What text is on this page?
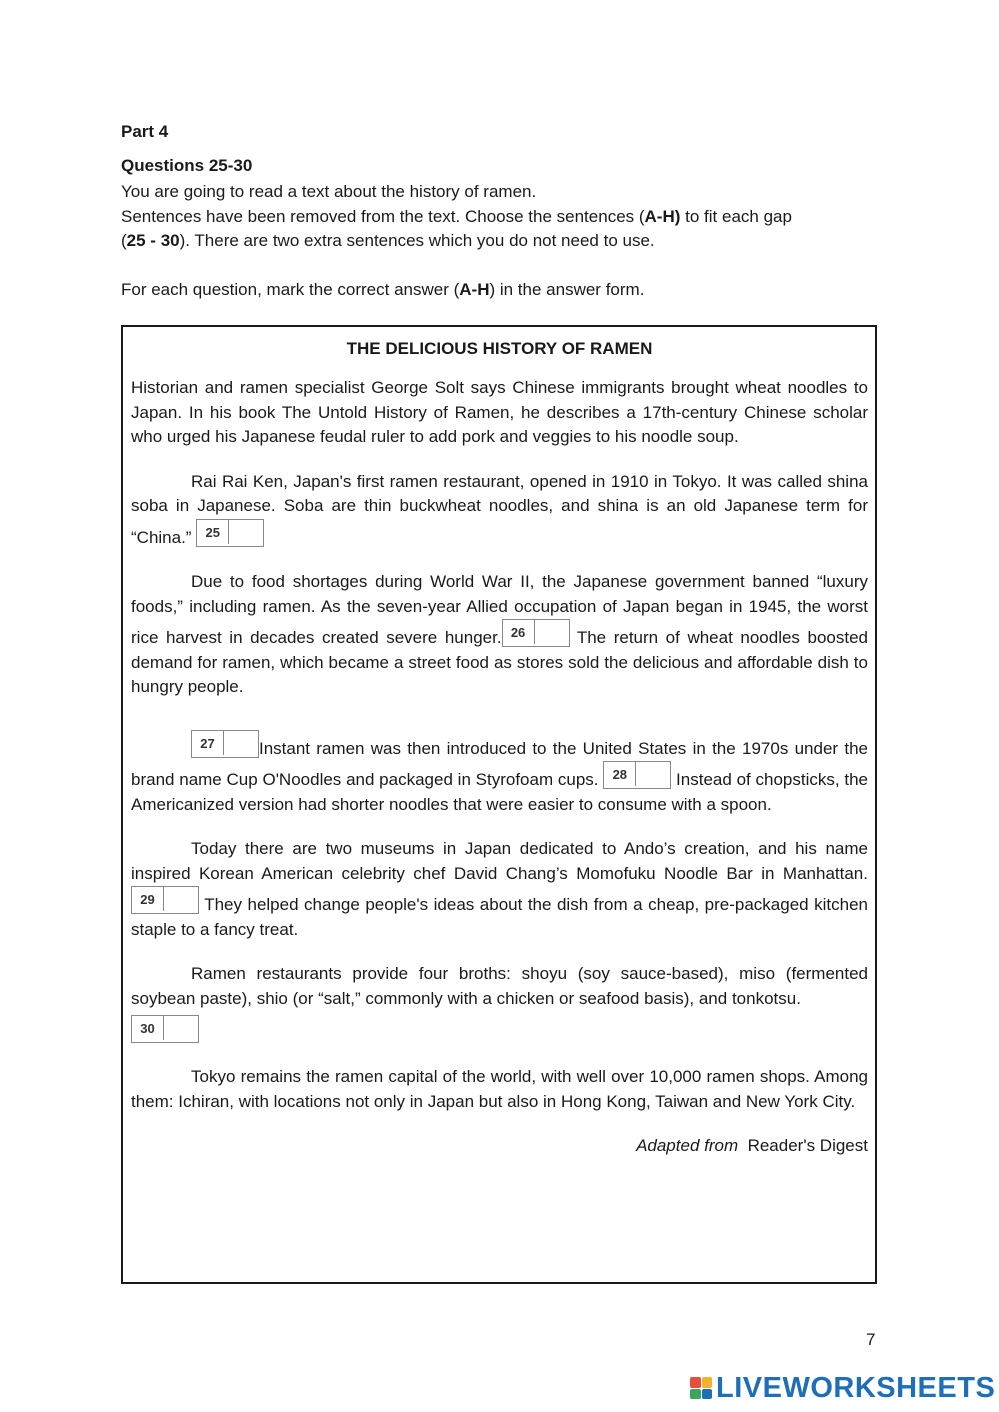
Part 4
Questions 25-30

You are going to read a text about the history of ramen.

Sentences have been removed from the text. Choose the sentences (A-H) to fit each gap

(25 - 30). There are two extra sentences which you do not need to use.

For each question, mark the correct answer (A-H) in the answer form.

THE DELICIOUS HISTORY OF RAMEN

Historian and ramen specialist George Solt says Chinese immigrants brought wheat noodles to Japan. In his book The Untold History of Ramen, he describes a 17th-century Chinese scholar who urged his Japanese feudal ruler to add pork and veggies to his noodle soup.

Rai Rai Ken, Japan's first ramen restaurant, opened in 1910 in Tokyo. It was called shina soba in Japanese. Soba are thin buckwheat noodles, and shina is an old Japanese term for “China.”	25

Due to food shortages during World War II, the Japanese government banned “luxury foods,” including ramen. As the seven-year Allied occupation of Japan began in 1945, the worst rice harvest in decades created severe hunger. 26	The return of wheat noodles boosted demand for ramen, which became a street food as stores sold the delicious and affordable dish to hungry people.

27	Instant ramen was then introduced to the United States in the 1970s under the brand name Cup O'Noodles and packaged in Styrofoam cups.	28	Instead of chopsticks, the Americanized version had shorter noodles that were easier to consume with a spoon.

Today there are two museums in Japan dedicated to Ando’s creation, and his name inspired Korean American celebrity chef David Chang’s Momofuku Noodle Bar in Manhattan.
29	They helped change people's ideas about the dish from a cheap, pre-packaged kitchen staple to a fancy treat.

Ramen restaurants provide four broths: shoyu (soy sauce-based), miso (fermented soybean paste), shio (or “salt,” commonly with a chicken or seafood basis), and tonkotsu.
30

Tokyo remains the ramen capital of the world, with well over 10,000 ramen shops. Among them: Ichiran, with locations not only in Japan but also in Hong Kong, Taiwan and New York City.

Adapted from Reader's Digest

7
LIVEWORKSHEETS
